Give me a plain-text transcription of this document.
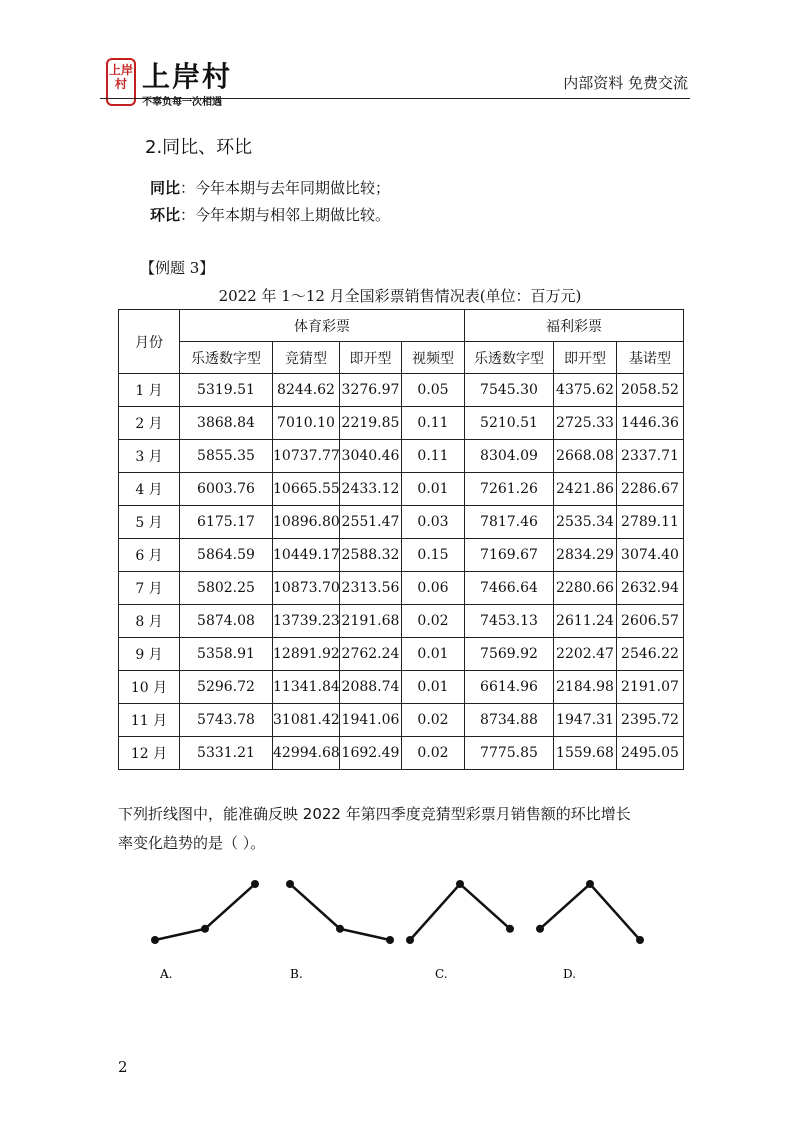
上岸村 上岸村
不辜负每一次相遇
内部资料 免费交流
2.同比、环比
同比：今年本期与去年同期做比较；
环比：今年本期与相邻上期做比较。
【例题 3】
2022 年 1～12 月全国彩票销售情况表(单位：百万元)
月份	体育彩票				福利彩票		
	乐透数字型	竞猜型	即开型	视频型	乐透数字型	即开型	基诺型
1 月	5319.51	8244.62	3276.97	0.05	7545.30	4375.62	2058.52
2 月	3868.84	7010.10	2219.85	0.11	5210.51	2725.33	1446.36
3 月	5855.35	10737.77	3040.46	0.11	8304.09	2668.08	2337.71
4 月	6003.76	10665.55	2433.12	0.01	7261.26	2421.86	2286.67
5 月	6175.17	10896.80	2551.47	0.03	7817.46	2535.34	2789.11
6 月	5864.59	10449.17	2588.32	0.15	7169.67	2834.29	3074.40
7 月	5802.25	10873.70	2313.56	0.06	7466.64	2280.66	2632.94
8 月	5874.08	13739.23	2191.68	0.02	7453.13	2611.24	2606.57
9 月	5358.91	12891.92	2762.24	0.01	7569.92	2202.47	2546.22
10 月	5296.72	11341.84	2088.74	0.01	6614.96	2184.98	2191.07
11 月	5743.78	31081.42	1941.06	0.02	8734.88	1947.31	2395.72
12 月	5331.21	42994.68	1692.49	0.02	7775.85	1559.68	2495.05
下列折线图中，能准确反映 2022 年第四季度竞猜型彩票月销售额的环比增长
率变化趋势的是（ ）。
A.	B.	C.	D.
2
